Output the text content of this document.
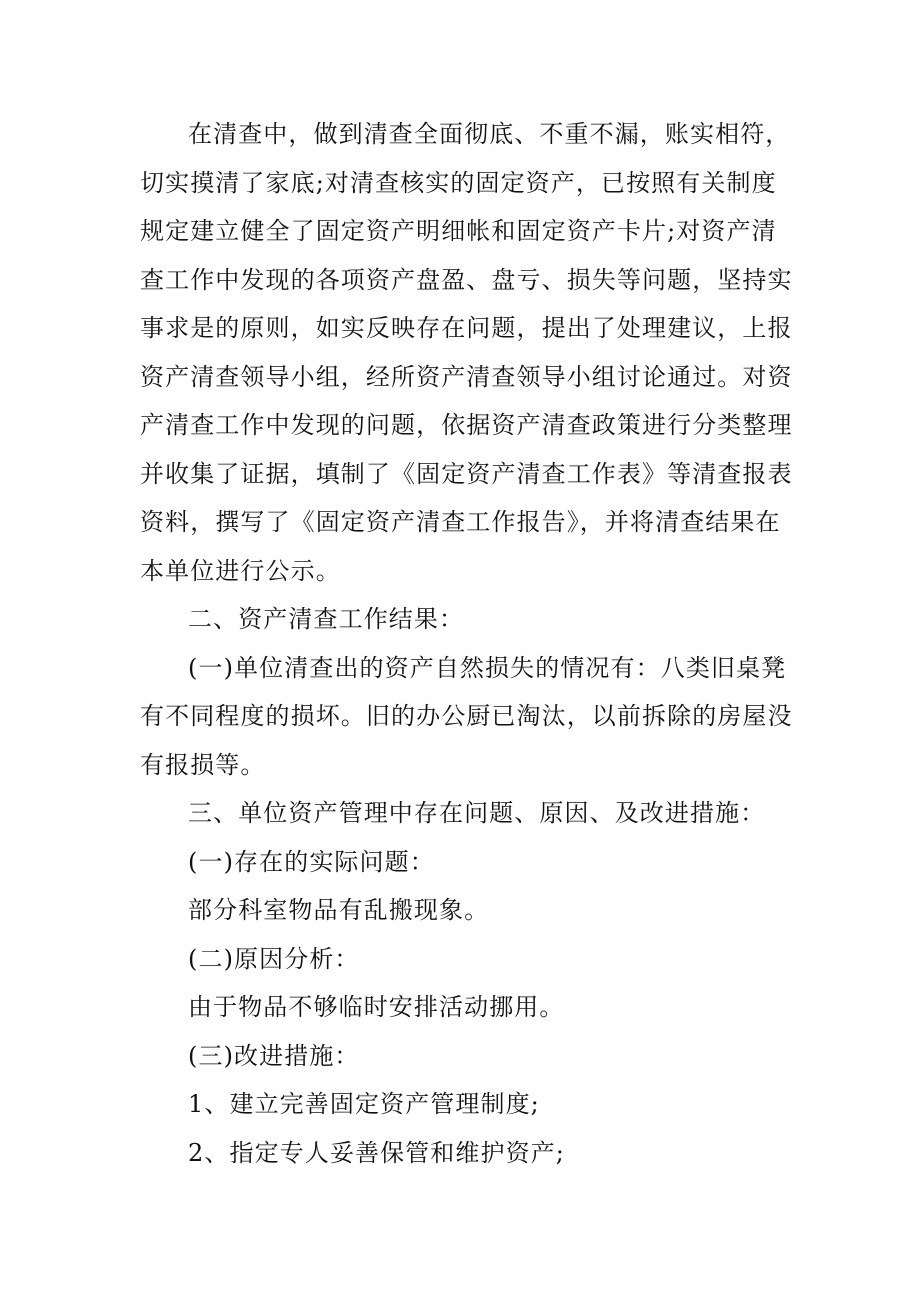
在清查中，做到清查全面彻底、不重不漏，账实相符，
切实摸清了家底;对清查核实的固定资产，已按照有关制度
规定建立健全了固定资产明细帐和固定资产卡片;对资产清
查工作中发现的各项资产盘盈、盘亏、损失等问题，坚持实
事求是的原则，如实反映存在问题，提出了处理建议，上报
资产清查领导小组，经所资产清查领导小组讨论通过。对资
产清查工作中发现的问题，依据资产清查政策进行分类整理
并收集了证据，填制了《固定资产清查工作表》等清查报表
资料，撰写了《固定资产清查工作报告》，并将清查结果在
本单位进行公示。

二、资产清查工作结果：

(一)单位清查出的资产自然损失的情况有：八类旧桌凳
有不同程度的损坏。旧的办公厨已淘汰，以前拆除的房屋没
有报损等。

三、单位资产管理中存在问题、原因、及改进措施：

(一)存在的实际问题：

部分科室物品有乱搬现象。

(二)原因分析：

由于物品不够临时安排活动挪用。

(三)改进措施：

1、建立完善固定资产管理制度;

2、指定专人妥善保管和维护资产;
